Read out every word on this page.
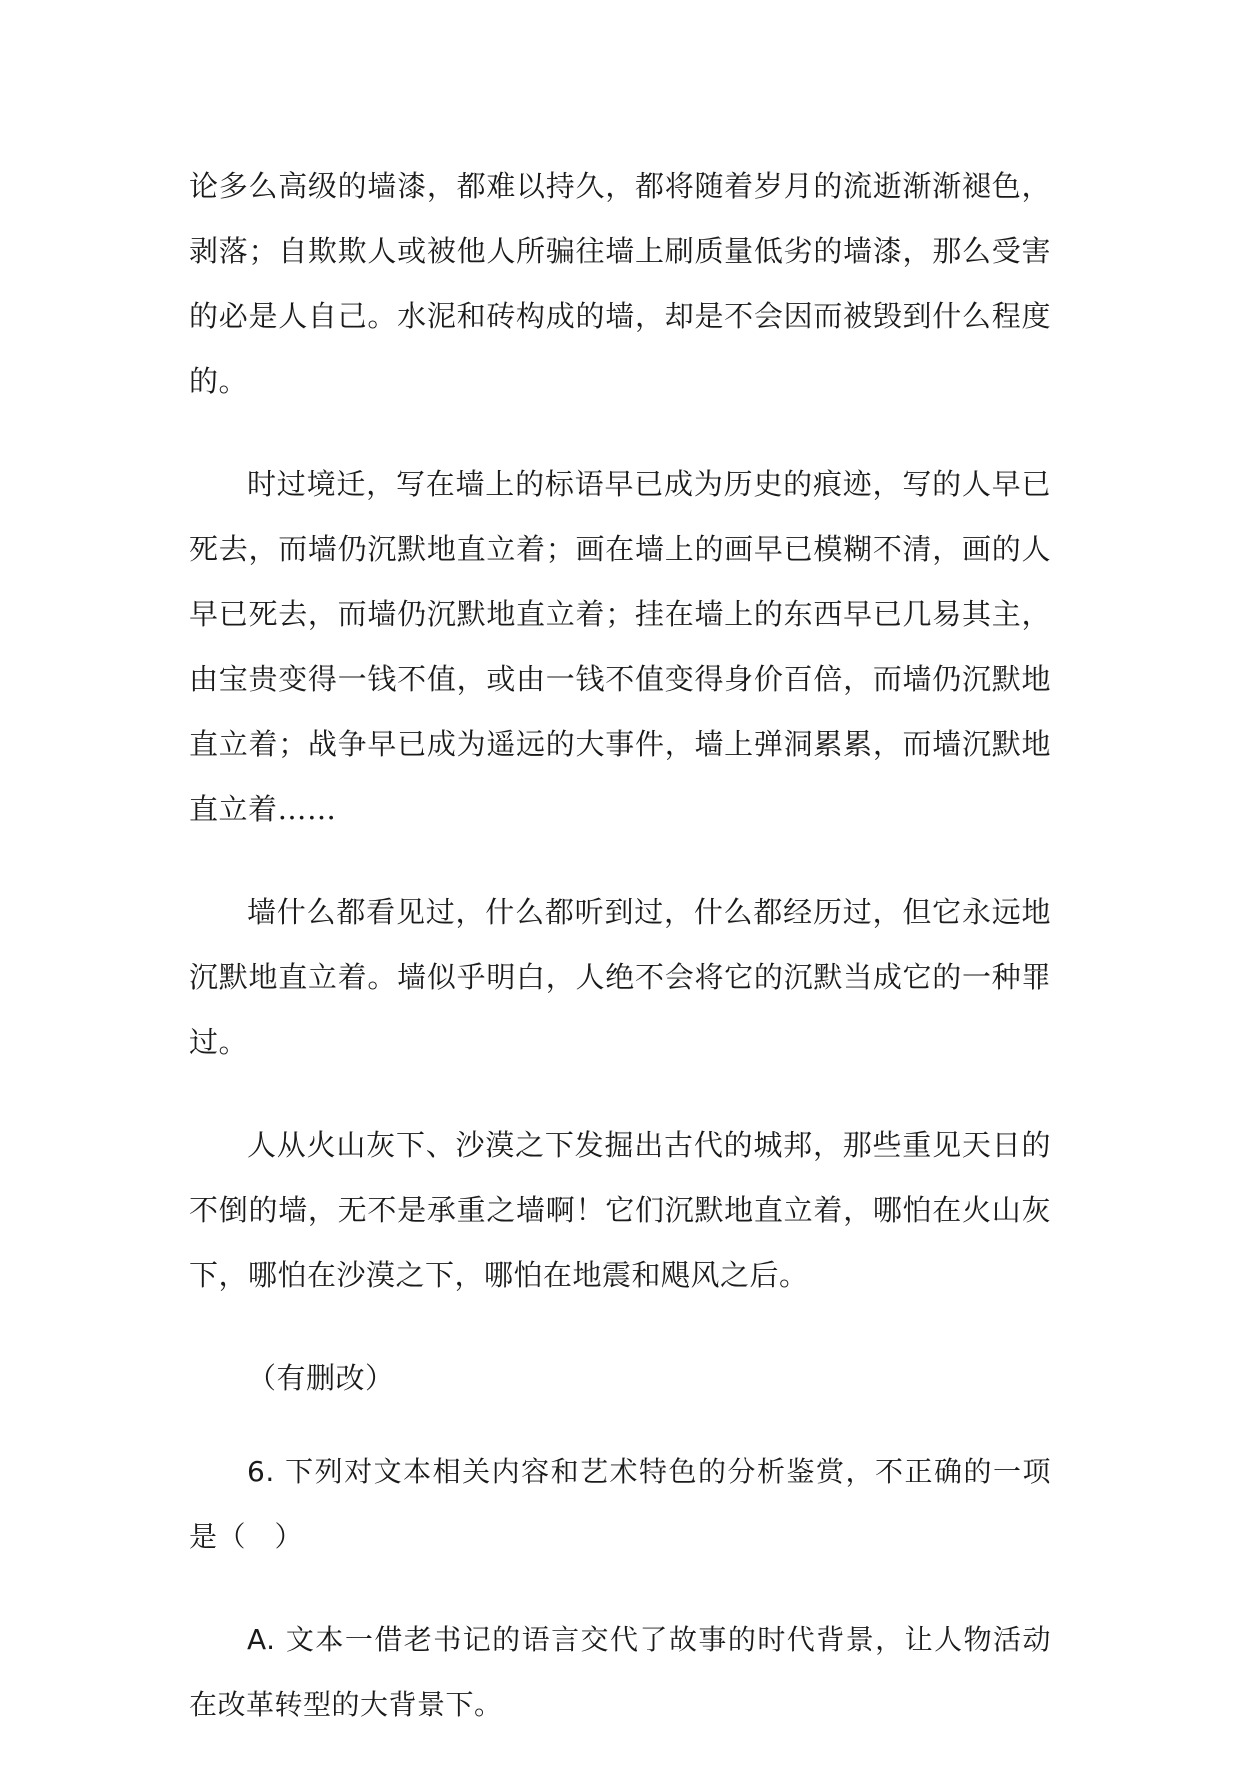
论多么高级的墙漆，都难以持久，都将随着岁月的流逝渐渐褪色，剥落；自欺欺人或被他人所骗往墙上刷质量低劣的墙漆，那么受害的必是人自己。水泥和砖构成的墙，却是不会因而被毁到什么程度的。

时过境迁，写在墙上的标语早已成为历史的痕迹，写的人早已死去，而墙仍沉默地直立着；画在墙上的画早已模糊不清，画的人早已死去，而墙仍沉默地直立着；挂在墙上的东西早已几易其主，由宝贵变得一钱不值，或由一钱不值变得身价百倍，而墙仍沉默地直立着；战争早已成为遥远的大事件，墙上弹洞累累，而墙沉默地直立着……

墙什么都看见过，什么都听到过，什么都经历过，但它永远地沉默地直立着。墙似乎明白，人绝不会将它的沉默当成它的一种罪过。

人从火山灰下、沙漠之下发掘出古代的城邦，那些重见天日的不倒的墙，无不是承重之墙啊！它们沉默地直立着，哪怕在火山灰下，哪怕在沙漠之下，哪怕在地震和飓风之后。

（有删改）

6. 下列对文本相关内容和艺术特色的分析鉴赏，不正确的一项是（　）

A. 文本一借老书记的语言交代了故事的时代背景，让人物活动在改革转型的大背景下。
